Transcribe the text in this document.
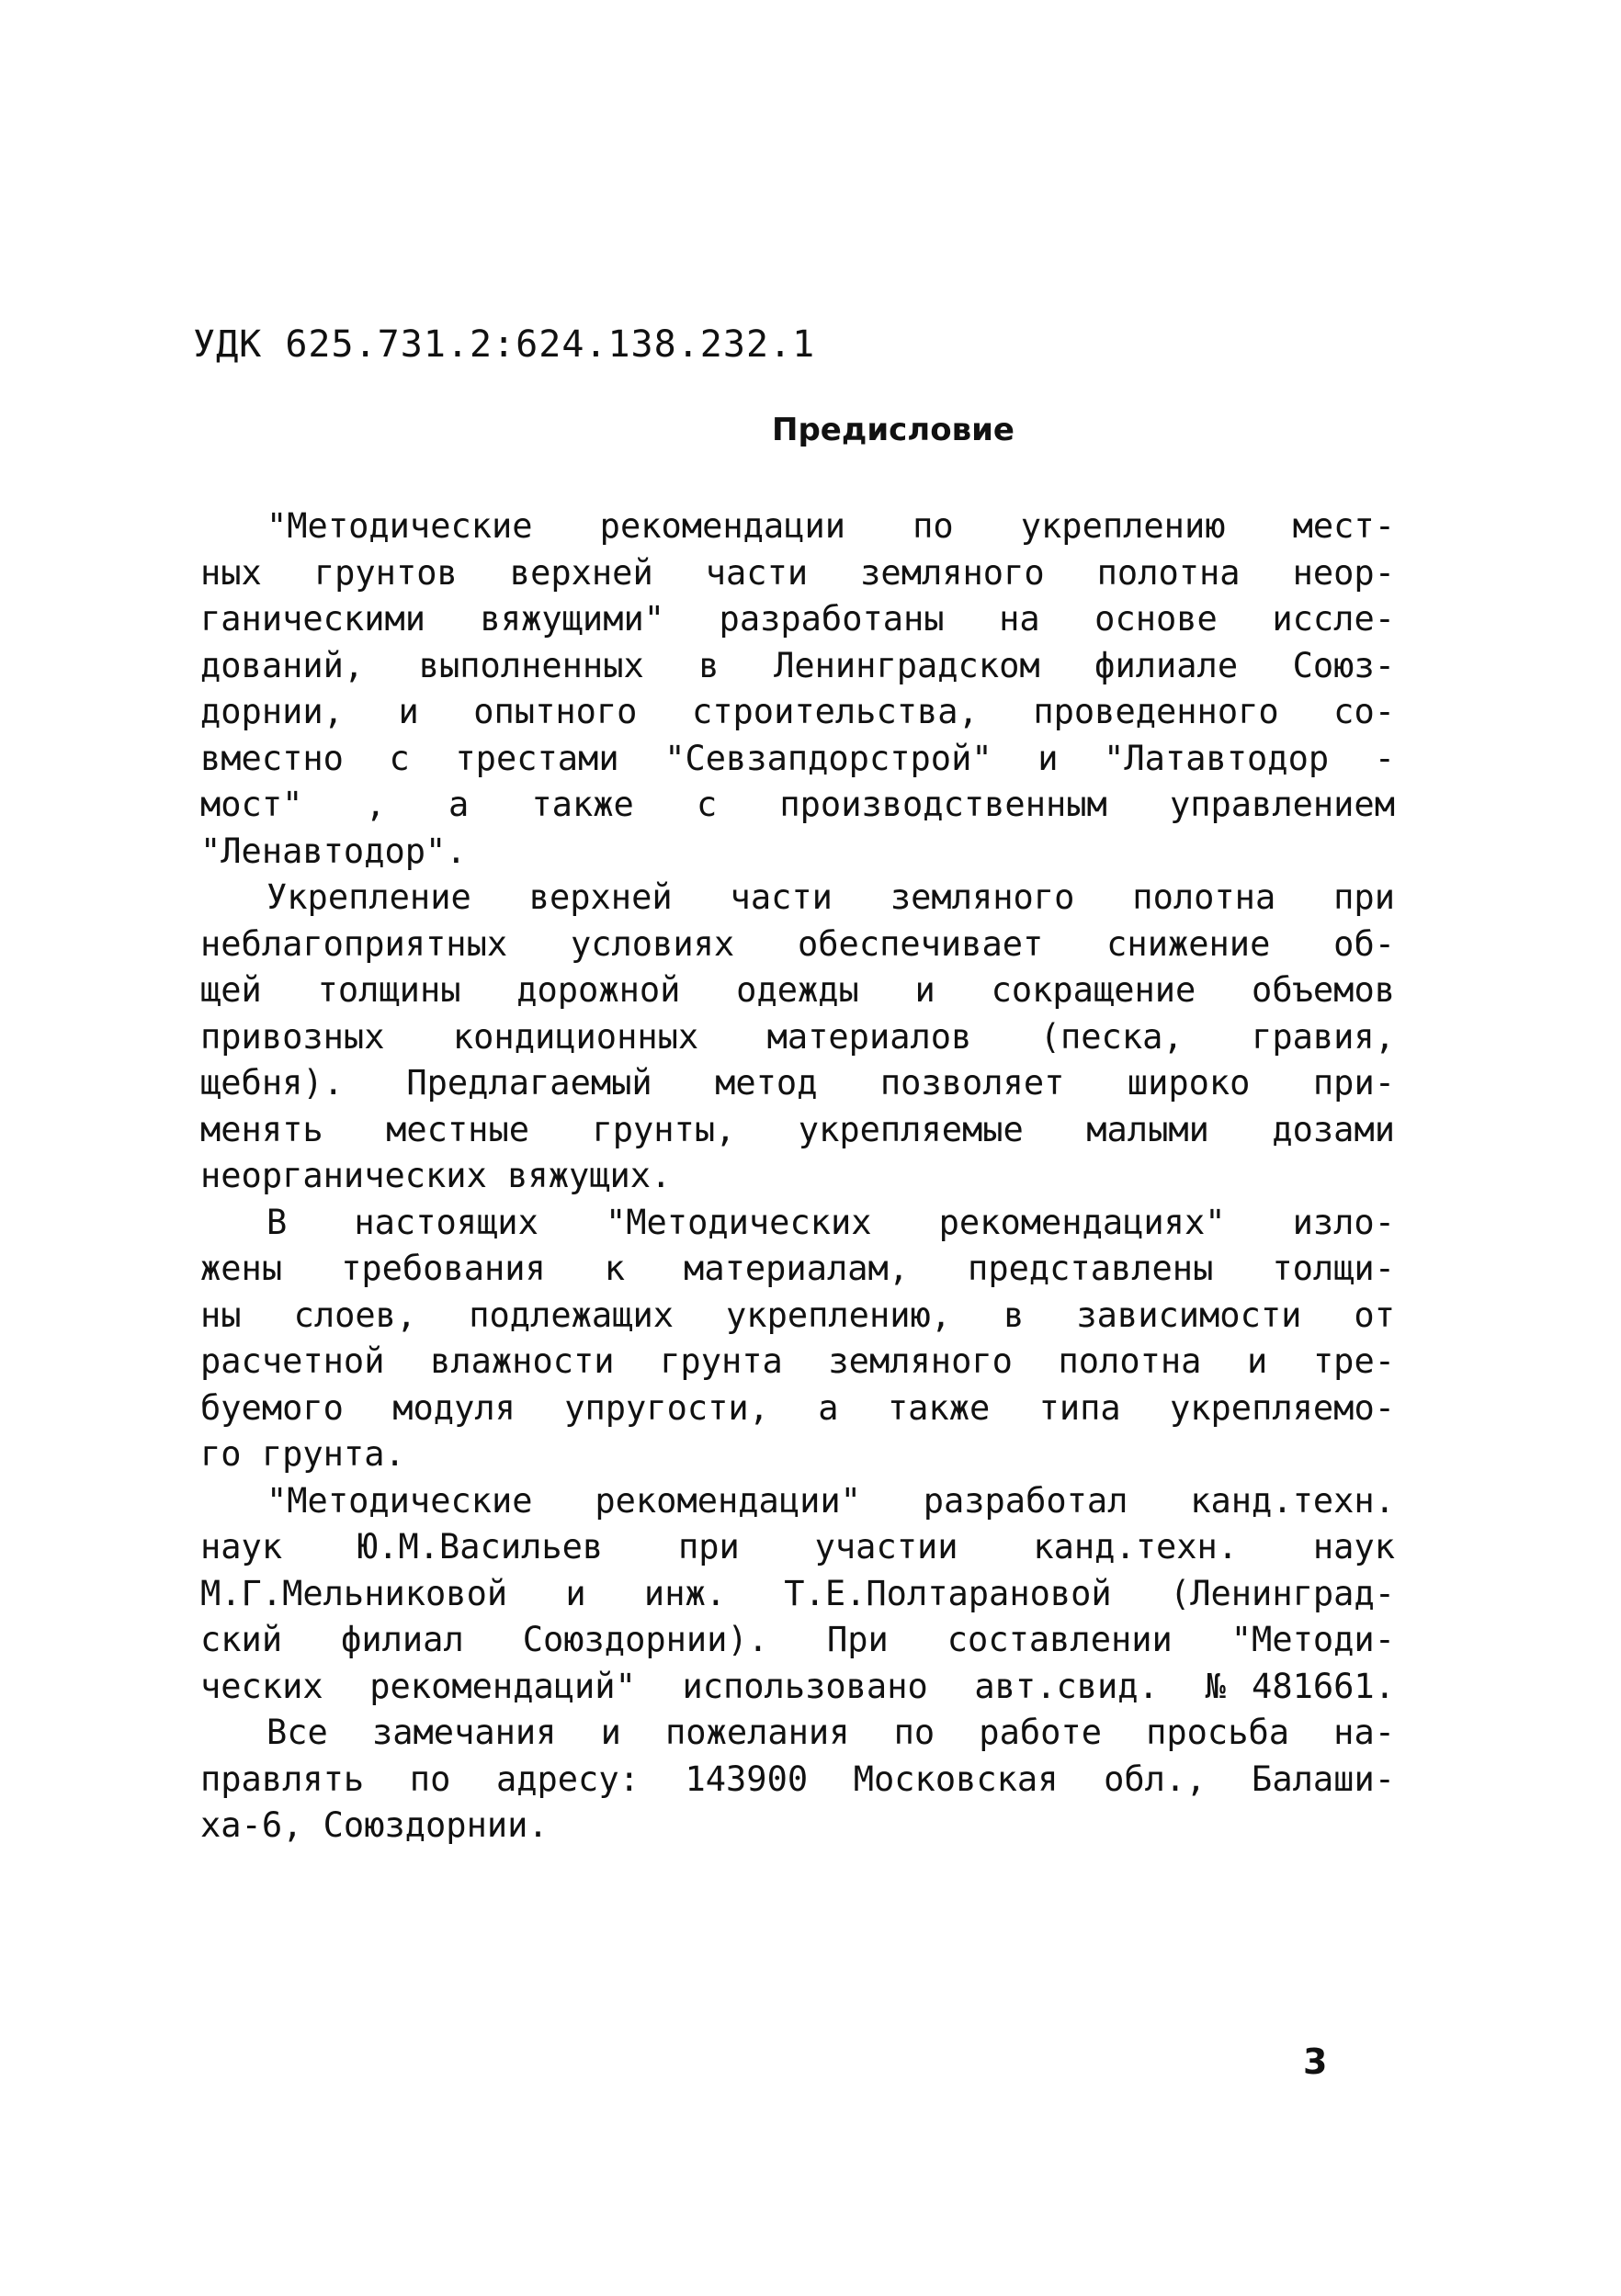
УДК 625.731.2:624.138.232.1
Предисловие
"Методические рекомендации по укреплению мест-
ных грунтов верхней части земляного полотна неор-
ганическими вяжущими" разработаны на основе иссле-
дований, выполненных в Ленинградском филиале Союз-
дорнии, и опытного строительства, проведенного со-
вместно с трестами "Севзапдорстрой" и "Латавтодор -
мост" , а также с производственным управлением
"Ленавтодор".
Укрепление верхней части земляного полотна при
неблагоприятных условиях обеспечивает снижение об-
щей толщины дорожной одежды и сокращение объемов
привозных кондиционных материалов (песка, гравия,
щебня). Предлагаемый метод позволяет широко при-
менять местные грунты, укрепляемые малыми дозами
неорганических вяжущих.
В настоящих "Методических рекомендациях" изло-
жены требования к материалам, представлены толщи-
ны слоев, подлежащих укреплению, в зависимости от
расчетной влажности грунта земляного полотна и тре-
буемого модуля упругости, а также типа укрепляемо-
го грунта.
"Методические рекомендации" разработал канд.техн.
наук Ю.М.Васильев при участии канд.техн. наук
М.Г.Мельниковой и инж. Т.Е.Полтарановой (Ленинград-
ский филиал Союздорнии). При составлении "Методи-
ческих рекомендаций" использовано авт.свид. №481661.
Все замечания и пожелания по работе просьба на-
правлять по адресу: 143900 Московская обл., Балаши-
ха-6, Союздорнии.
3
